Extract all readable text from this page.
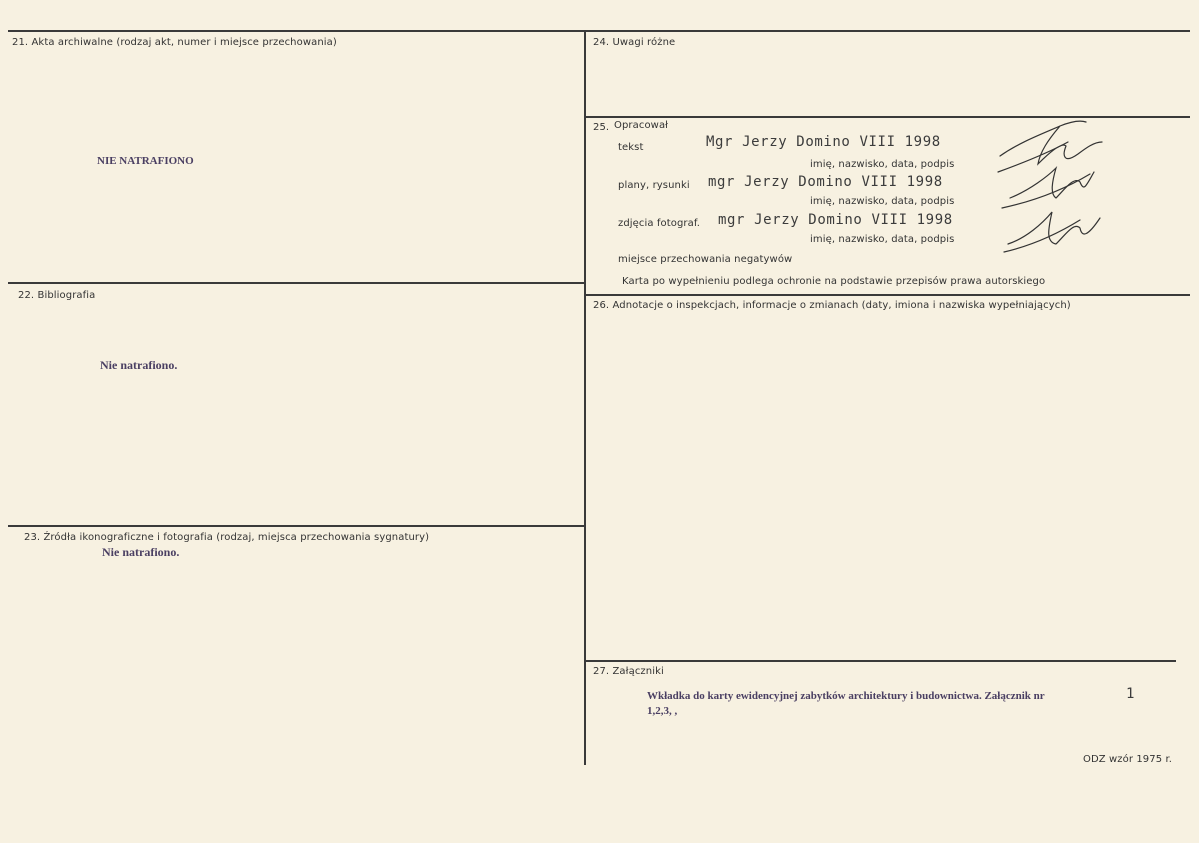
21. Akta archiwalne (rodzaj akt, numer i miejsce przechowania)
NIE NATRAFIONO
22. Bibliografia
Nie natrafiono.
23. Źródła ikonograficzne i fotografia (rodzaj, miejsca przechowania sygnatury)
Nie natrafiono.
24. Uwagi różne
25. Opracował
tekst	Mgr Jerzy Domino VIII 1998
imię, nazwisko, data, podpis
plany, rysunki mgr Jerzy Domino VIII 1998
imię, nazwisko, data, podpis
zdjęcia fotograf. mgr Jerzy Domino VIII 1998
imię, nazwisko, data, podpis
miejsce przechowania negatywów
Karta po wypełnieniu podlega ochronie na podstawie przepisów prawa autorskiego
26. Adnotacje o inspekcjach, informacje o zmianach (daty, imiona i nazwiska wypełniających)
27. Załączniki
Wkładka do karty ewidencyjnej zabytków architektury i budownictwa. Załącznik nr	1
1,2,3, ,
ODZ wzór 1975 r.
